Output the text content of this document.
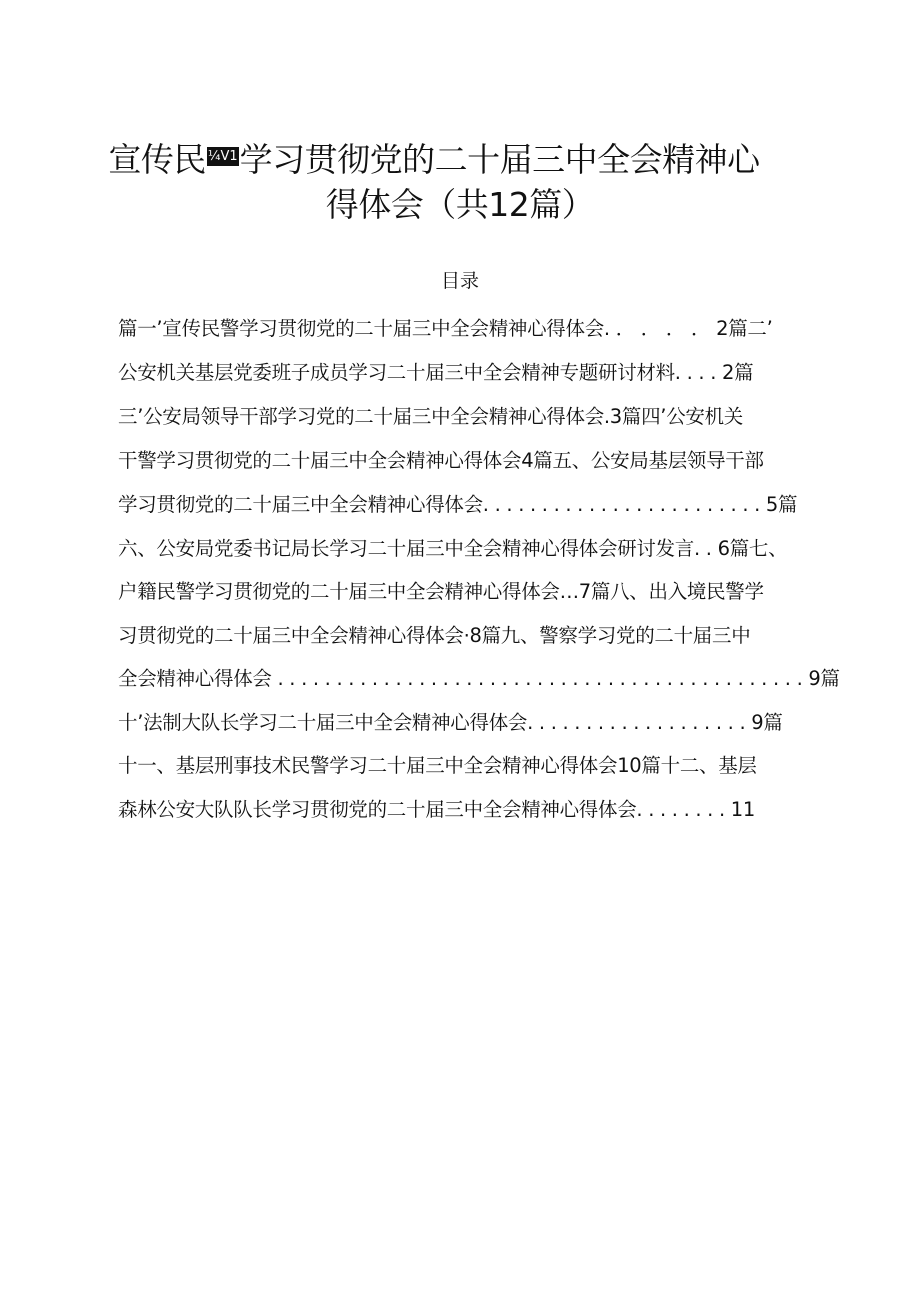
宣传民 ¼V1学习贯彻党的二十届三中全会精神心
得体会（共12篇）
目录
篇一’宣传民警学习贯彻党的二十届三中全会精神心得体会. ． ． ． ． 2篇二’
公安机关基层党委班子成员学习二十届三中全会精神专题研讨材料. . . . 2篇
三’公安局领导干部学习党的二十届三中全会精神心得体会.3篇四’公安机关
干警学习贯彻党的二十届三中全会精神心得体会4篇五、公安局基层领导干部
学习贯彻党的二十届三中全会精神心得体会. . . . . . . . . . . . . . . . . . . . . . . . 5篇
六、公安局党委书记局长学习二十届三中全会精神心得体会研讨发言. . 6篇七、
户籍民警学习贯彻党的二十届三中全会精神心得体会…7篇八、出入境民警学
习贯彻党的二十届三中全会精神心得体会·8篇九、警察学习党的二十届三中
全会精神心得体会 . . . . . . . . . . . . . . . . . . . . . . . . . . . . . . . . . . . . . . . . . . . . . 9篇
十’法制大队长学习二十届三中全会精神心得体会. . . . . . . . . . . . . . . . . . . 9篇
十一、基层刑事技术民警学习二十届三中全会精神心得体会10篇十二、基层
森林公安大队队长学习贯彻党的二十届三中全会精神心得体会. . . . . . . . 11
